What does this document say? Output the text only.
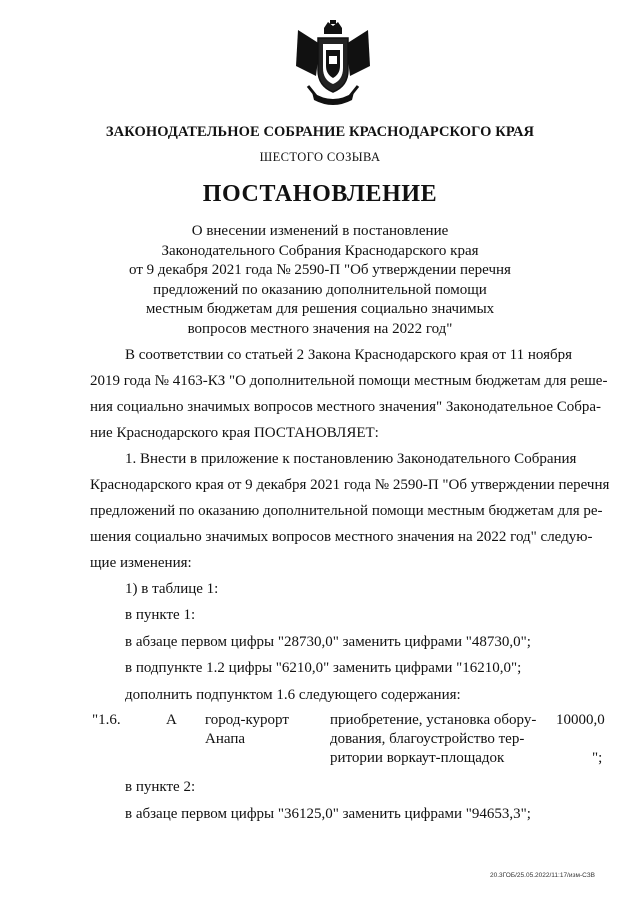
ЗАКОНОДАТЕЛЬНОЕ СОБРАНИЕ КРАСНОДАРСКОГО КРАЯ
ШЕСТОГО СОЗЫВА
ПОСТАНОВЛЕНИЕ
О внесении изменений в постановление
Законодательного Собрания Краснодарского края
от 9 декабря 2021 года № 2590-П "Об утверждении перечня
предложений по оказанию дополнительной помощи
местным бюджетам для решения социально значимых
вопросов местного значения на 2022 год"
В соответствии со статьей 2 Закона Краснодарского края от 11 ноября
2019 года № 4163-КЗ "О дополнительной помощи местным бюджетам для реше-
ния социально значимых вопросов местного значения" Законодательное Собра-
ние Краснодарского края ПОСТАНОВЛЯЕТ:
1. Внести в приложение к постановлению Законодательного Собрания
Краснодарского края от 9 декабря 2021 года № 2590-П "Об утверждении перечня
предложений по оказанию дополнительной помощи местным бюджетам для ре-
шения социально значимых вопросов местного значения на 2022 год" следую-
щие изменения:
1) в таблице 1:
в пункте 1:
в абзаце первом цифры "28730,0" заменить цифрами "48730,0";
в подпункте 1.2 цифры "6210,0" заменить цифрами "16210,0";
дополнить подпунктом 1.6 следующего содержания:
"1.6.	А город-курорт
Анапа
приобретение, установка обору-
дования, благоустройство тер-
ритории воркаут-площадок
10000,0
";
в пункте 2:
в абзаце первом цифры "36125,0" заменить цифрами "94653,3";
20.3ГОБ/25.05.2022/11:17/изм-СЗВ
